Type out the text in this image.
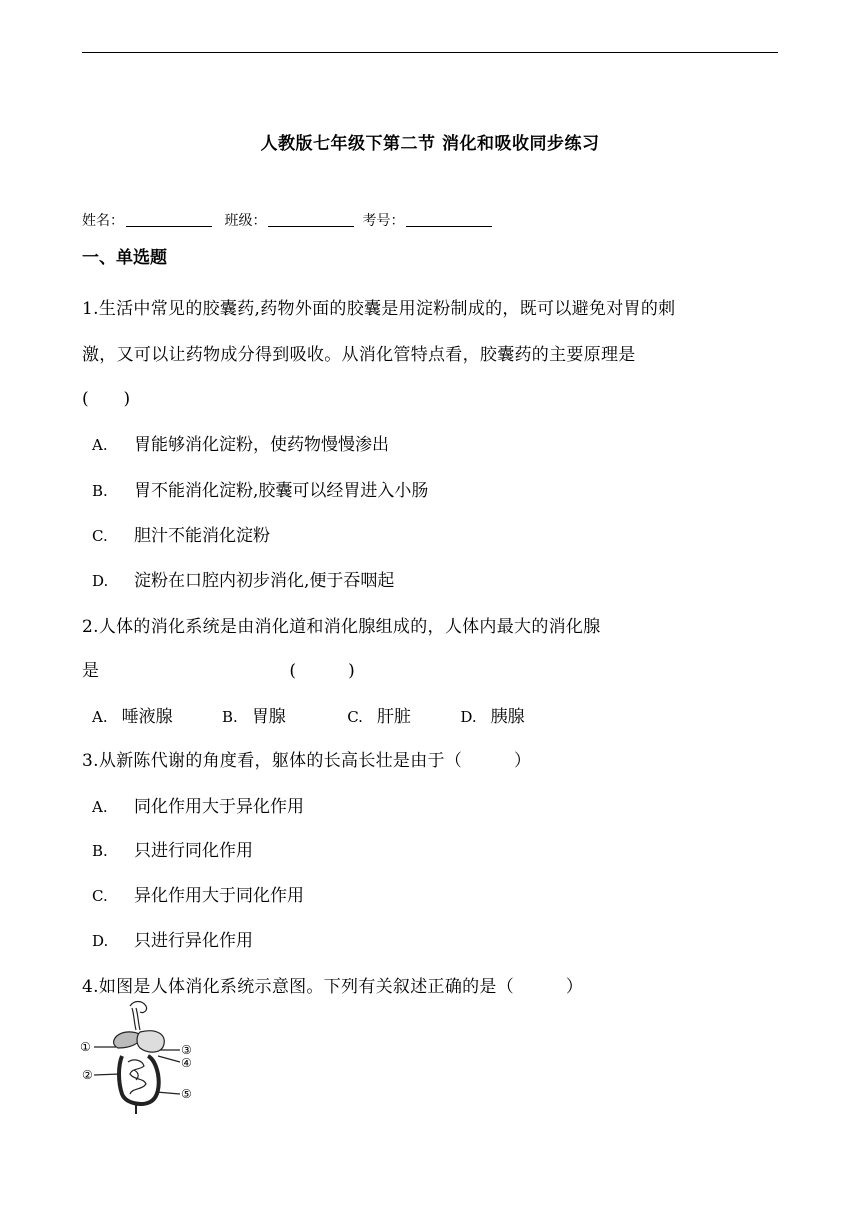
人教版七年级下第二节 消化和吸收同步练习
姓名：	班级：	考号：
一、单选题
1.生活中常见的胶囊药,药物外面的胶囊是用淀粉制成的，既可以避免对胃的刺
激，又可以让药物成分得到吸收。从消化管特点看，胶囊药的主要原理是
(　　)
A. 胃能够消化淀粉，使药物慢慢渗出
B. 胃不能消化淀粉,胶囊可以经胃进入小肠
C. 胆汁不能消化淀粉
D. 淀粉在口腔内初步消化,便于吞咽起
2.人体的消化系统是由消化道和消化腺组成的，人体内最大的消化腺
是	(　　　)
A. 唾液腺	B. 胃腺	C. 肝脏	D. 胰腺
3.从新陈代谢的角度看，躯体的长高长壮是由于（　　　）
A. 同化作用大于异化作用
B. 只进行同化作用
C. 异化作用大于同化作用
D. 只进行异化作用
4.如图是人体消化系统示意图。下列有关叙述正确的是（　　　）
①
②
③
④
⑤
